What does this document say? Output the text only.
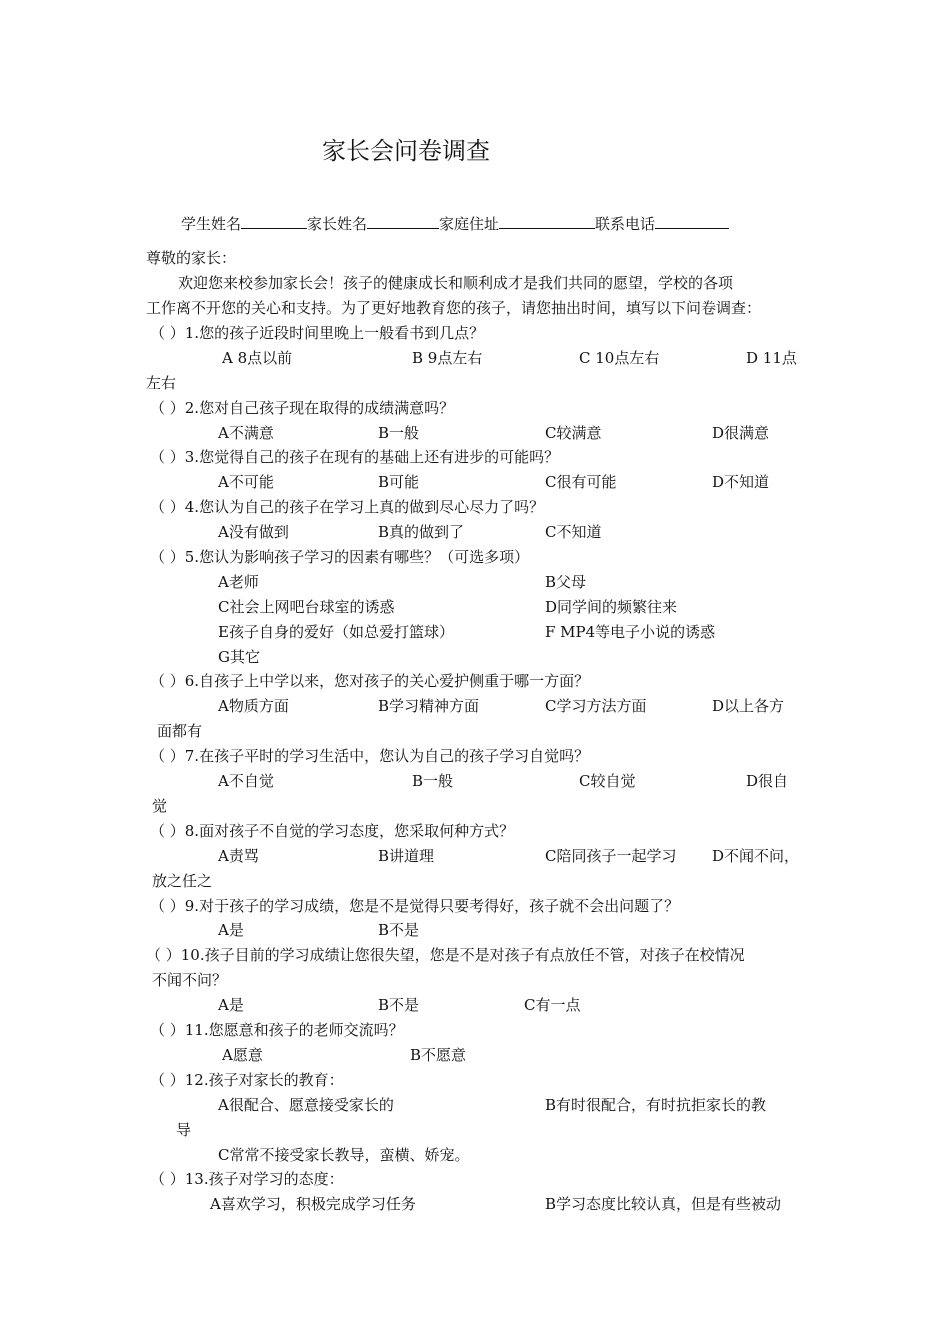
家长会问卷调查
学生姓名	家长姓名	家庭住址	联系电话
尊敬的家长：
欢迎您来校参加家长会！孩子的健康成长和顺利成才是我们共同的愿望，学校的各项
工作离不开您的关心和支持。为了更好地教育您的孩子，请您抽出时间，填写以下问卷调查：
（ ）1.您的孩子近段时间里晚上一般看书到几点？
A 8点以前	B 9点左右	C 10点左右	D 11点
左右
（ ）2.您对自己孩子现在取得的成绩满意吗？
A不满意	B一般	C较满意	D很满意
（ ）3.您觉得自己的孩子在现有的基础上还有进步的可能吗？
A不可能	B可能	C很有可能	D不知道
（ ）4.您认为自己的孩子在学习上真的做到尽心尽力了吗？
A没有做到	B真的做到了	C不知道
（ ）5.您认为影响孩子学习的因素有哪些？（可选多项）
A老师	B父母
C社会上网吧台球室的诱惑	D同学间的频繁往来
E孩子自身的爱好（如总爱打篮球）	F MP4等电子小说的诱惑
G其它
（ ）6.自孩子上中学以来，您对孩子的关心爱护侧重于哪一方面？
A物质方面	B学习精神方面	C学习方法方面	D以上各方
面都有
（ ）7.在孩子平时的学习生活中，您认为自己的孩子学习自觉吗？
A不自觉	B一般	C较自觉	D很自
觉
（ ）8.面对孩子不自觉的学习态度，您采取何种方式？
A责骂	B讲道理	C陪同孩子一起学习 D不闻不问，
放之任之
（ ）9.对于孩子的学习成绩，您是不是觉得只要考得好，孩子就不会出问题了？
A是	B不是
（ ）10.孩子目前的学习成绩让您很失望，您是不是对孩子有点放任不管，对孩子在校情况
不闻不问？
A是	B不是	C有一点
（ ）11.您愿意和孩子的老师交流吗？
A愿意	B不愿意
（ ）12.孩子对家长的教育：
A很配合、愿意接受家长的	B有时很配合，有时抗拒家长的教
导
C常常不接受家长教导，蛮横、娇宠。
（ ）13.孩子对学习的态度：
A喜欢学习，积极完成学习任务	B学习态度比较认真，但是有些被动
